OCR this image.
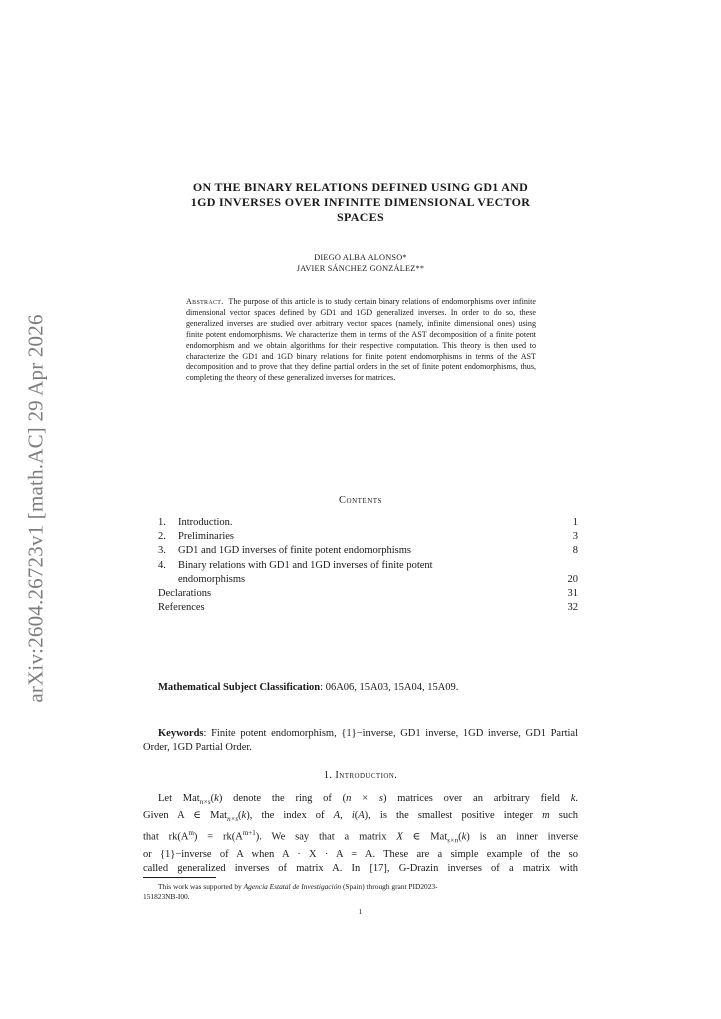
arXiv:2604.26723v1 [math.AC] 29 Apr 2026
ON THE BINARY RELATIONS DEFINED USING GD1 AND
1GD INVERSES OVER INFINITE DIMENSIONAL VECTOR
SPACES
DIEGO ALBA ALONSO*
JAVIER SÁNCHEZ GONZÁLEZ**
Abstract. The purpose of this article is to study certain binary relations of endomorphisms over infinite dimensional vector spaces defined by GD1 and 1GD generalized inverses. In order to do so, these generalized inverses are studied over arbitrary vector spaces (namely, infinite dimensional ones) using finite potent endomorphisms. We characterize them in terms of the AST decomposition of a finite potent endomorphism and we obtain algorithms for their respective computation. This theory is then used to characterize the GD1 and 1GD binary relations for finite potent endomorphisms in terms of the AST decomposition and to prove that they define partial orders in the set of finite potent endomorphisms, thus, completing the theory of these generalized inverses for matrices.
Contents
1. Introduction.	1
2. Preliminaries	3
3. GD1 and 1GD inverses of finite potent endomorphisms	8
4. Binary relations with GD1 and 1GD inverses of finite potent
endomorphisms	20
Declarations	31
References	32
Mathematical Subject Classification: 06A06, 15A03, 15A04, 15A09.
Keywords: Finite potent endomorphism, {1}−inverse, GD1 inverse, 1GD inverse, GD1 Partial Order, 1GD Partial Order.
1. Introduction.
Let Mat$_{n\times s}$(k) denote the ring of (n × s) matrices over an arbitrary field k.
Given A ∈ Mat$_{n\times s}$(k), the index of A, i(A), is the smallest positive integer m such
that $rk(A^m) = rk(A^{m+1})$. We say that a matrix X ∈ Mat$_{s\times n}$(k) is an inner inverse
or {1}−inverse of A when A · X · A = A. These are a simple example of the so
called generalized inverses of matrix A. In [17], G-Drazin inverses of a matrix with
This work was supported by Agencia Estatal de Investigación (Spain) through grant PID2023-
151823NB-I00.
1
